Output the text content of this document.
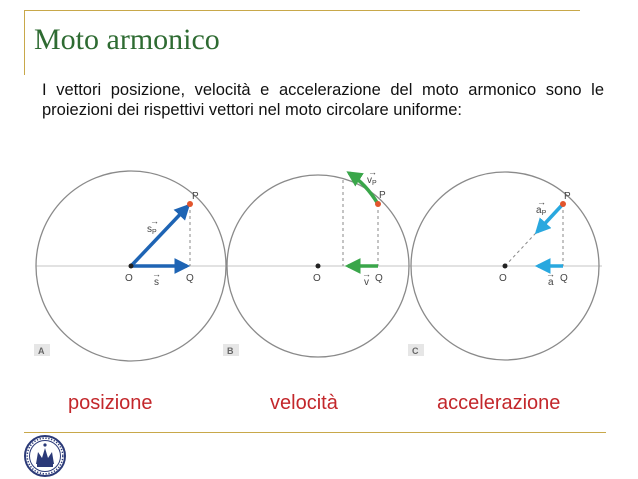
Moto armonico

I vettori posizione, velocità e accelerazione del moto armonico sono le proiezioni dei rispettivi vettori nel moto circolare uniforme:

P
O	Q
→
$s_P$
→
s
A
P
O	Q
→
$v_P$
→
v
B
P
O	Q
→
$a_P$
→
a
C

posizione	velocità	accelerazione
